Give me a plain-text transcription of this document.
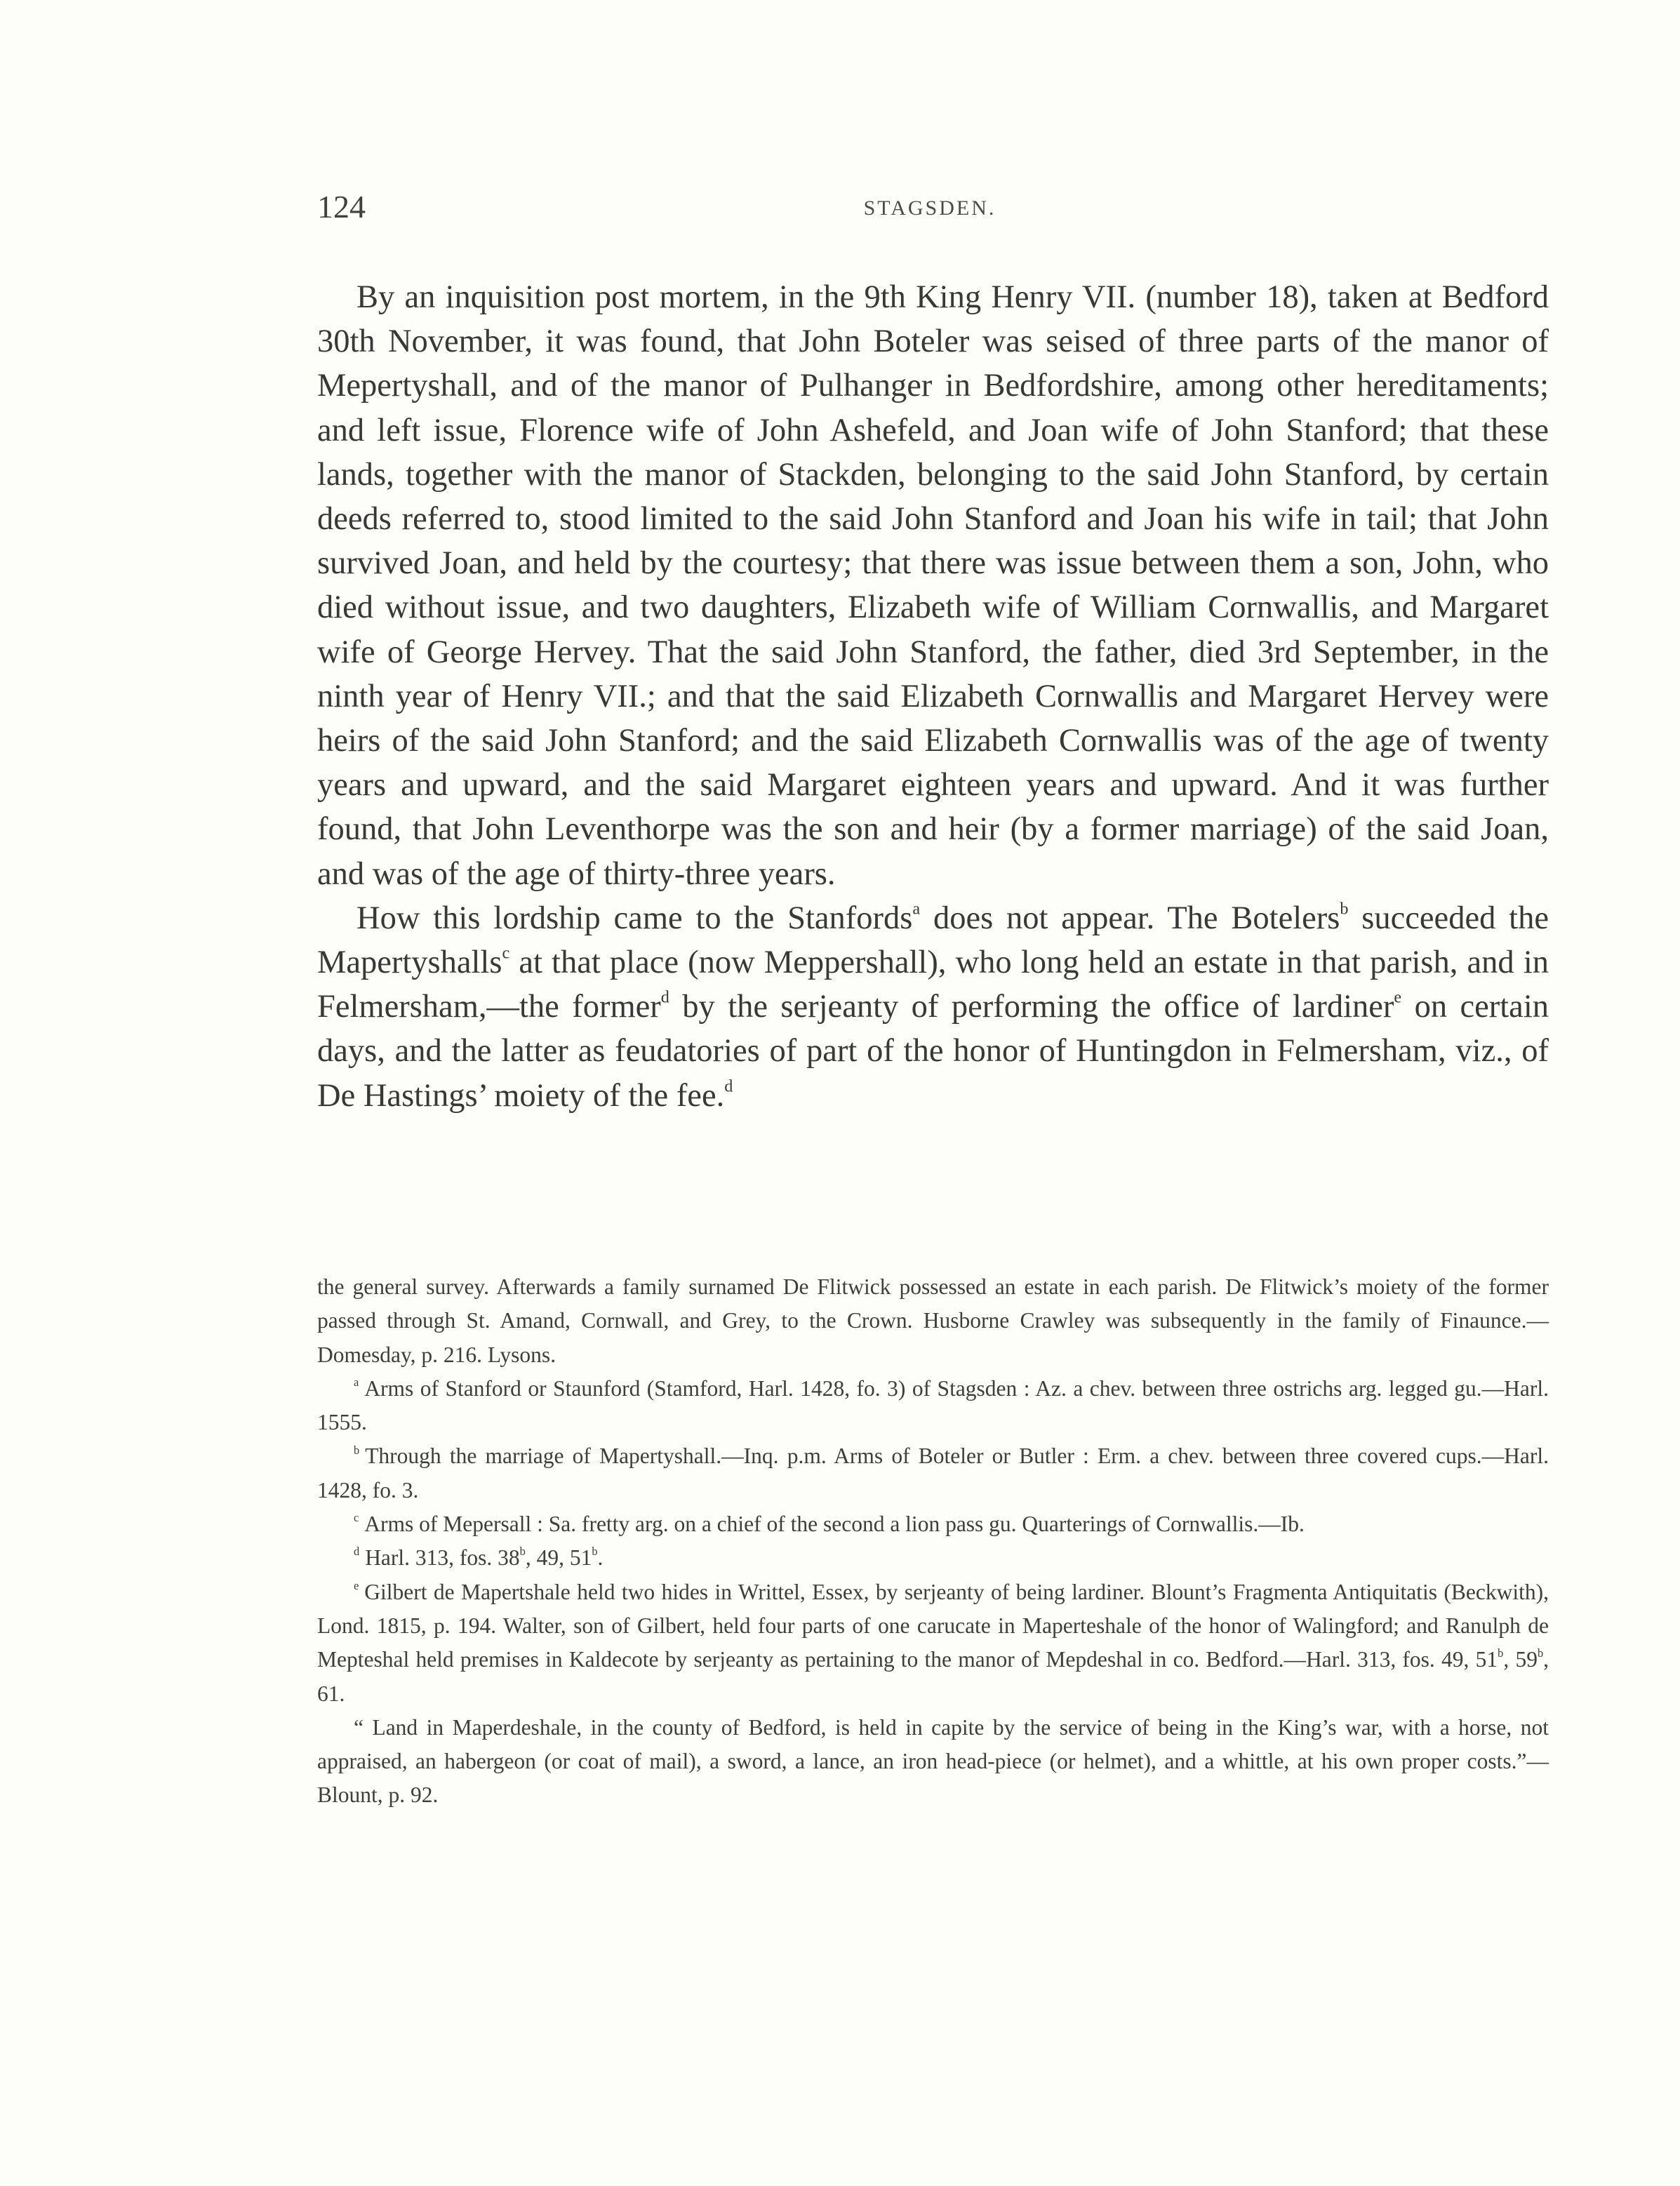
124	STAGSDEN.

By an inquisition post mortem, in the 9th King Henry VII. (number 18), taken at Bedford 30th November, it was found, that John Boteler was seised of three parts of the manor of Mepertyshall, and of the manor of Pulhanger in Bedfordshire, among other hereditaments; and left issue, Florence wife of John Ashefeld, and Joan wife of John Stanford; that these lands, together with the manor of Stackden, belonging to the said John Stanford, by certain deeds referred to, stood limited to the said John Stanford and Joan his wife in tail; that John survived Joan, and held by the courtesy; that there was issue between them a son, John, who died without issue, and two daughters, Elizabeth wife of William Cornwallis, and Margaret wife of George Hervey. That the said John Stanford, the father, died 3rd September, in the ninth year of Henry VII.; and that the said Elizabeth Cornwallis and Margaret Hervey were heirs of the said John Stanford; and the said Elizabeth Cornwallis was of the age of twenty years and upward, and the said Margaret eighteen years and upward. And it was further found, that John Leventhorpe was the son and heir (by a former marriage) of the said Joan, and was of the age of thirty-three years.

How this lordship came to the Stanfords$^a$ does not appear. The Botelers$^b$ succeeded the Mapertyshalls$^c$ at that place (now Meppershall), who long held an estate in that parish, and in Felmersham,—the former$^d$ by the serjeanty of performing the office of lardiner$^e$ on certain days, and the latter as feudatories of part of the honor of Huntingdon in Felmersham, viz., of De Hastings’ moiety of the fee.$^d$

the general survey. Afterwards a family surnamed De Flitwick possessed an estate in each parish. De Flitwick’s moiety of the former passed through St. Amand, Cornwall, and Grey, to the Crown. Husborne Crawley was subsequently in the family of Finaunce.—Domesday, p. 216. Lysons.

$^a$ Arms of Stanford or Staunford (Stamford, Harl. 1428, fo. 3) of Stagsden : Az. a chev. between three ostrichs arg. legged gu.—Harl. 1555.

$^b$ Through the marriage of Mapertyshall.—Inq. p.m. Arms of Boteler or Butler : Erm. a chev. between three covered cups.—Harl. 1428, fo. 3.

$^c$ Arms of Mepersall : Sa. fretty arg. on a chief of the second a lion pass gu. Quarterings of Cornwallis.—Ib.

$^d$ Harl. 313, fos. 38$^b$, 49, 51$^b$.

$^e$ Gilbert de Mapertshale held two hides in Writtel, Essex, by serjeanty of being lardiner. Blount’s Fragmenta Antiquitatis (Beckwith), Lond. 1815, p. 194. Walter, son of Gilbert, held four parts of one carucate in Maperteshale of the honor of Walingford; and Ranulph de Mepteshal held premises in Kaldecote by serjeanty as pertaining to the manor of Mepdeshal in co. Bedford.—Harl. 313, fos. 49, 51$^b$, 59$^b$, 61.

“ Land in Maperdeshale, in the county of Bedford, is held in capite by the service of being in the King’s war, with a horse, not appraised, an habergeon (or coat of mail), a sword, a lance, an iron head-piece (or helmet), and a whittle, at his own proper costs.”—Blount, p. 92.
